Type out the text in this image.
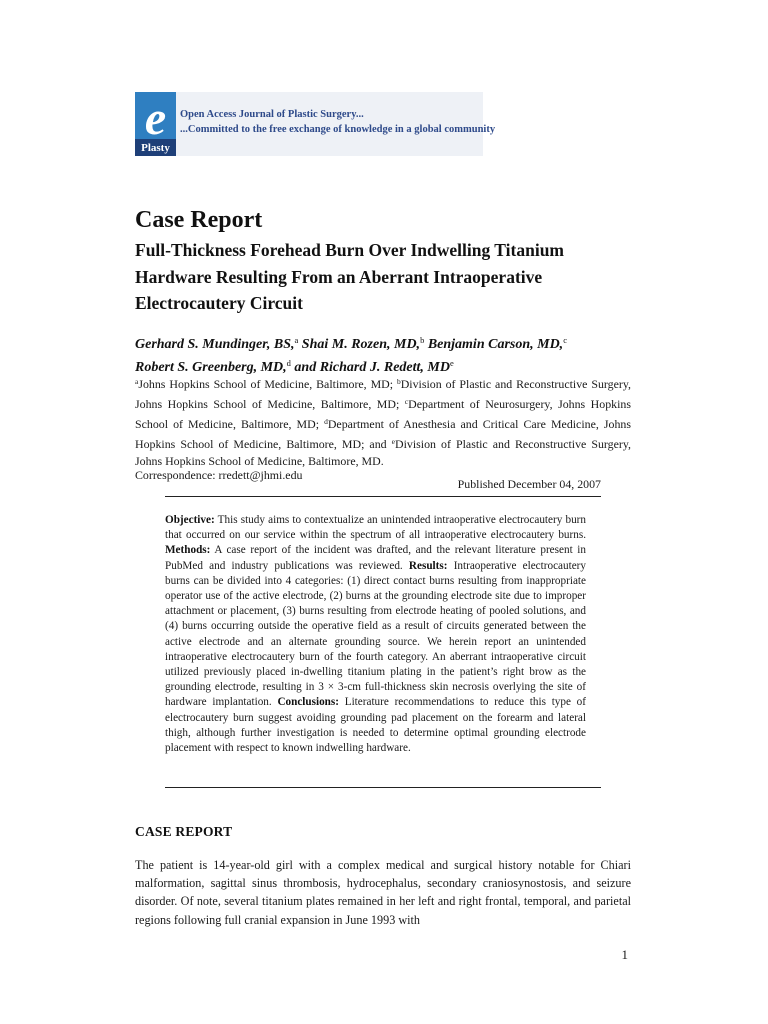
e
Plasty
Open Access Journal of Plastic Surgery...
...Committed to the free exchange of knowledge in a global community
Case Report
Full-Thickness Forehead Burn Over Indwelling Titanium Hardware Resulting From an Aberrant Intraoperative Electrocautery Circuit
Gerhard S. Mundinger, BS,$^a$ Shai M. Rozen, MD,$^b$ Benjamin Carson, MD,$^c$
Robert S. Greenberg, MD,$^d$ and Richard J. Redett, MDe
$^a$Johns Hopkins School of Medicine, Baltimore, MD; $^b$Division of Plastic and Reconstructive Surgery, Johns Hopkins School of Medicine, Baltimore, MD; $^c$Department of Neurosurgery, Johns Hopkins School of Medicine, Baltimore, MD; $^d$Department of Anesthesia and Critical Care Medicine, Johns Hopkins School of Medicine, Baltimore, MD; and $^e$Division of Plastic and Reconstructive Surgery, Johns Hopkins School of Medicine, Baltimore, MD.
Correspondence: rredett@jhmi.edu
Published December 04, 2007
Objective: This study aims to contextualize an unintended intraoperative electrocautery burn that occurred on our service within the spectrum of all intraoperative electrocautery burns. Methods: A case report of the incident was drafted, and the relevant literature present in PubMed and industry publications was reviewed. Results: Intraoperative electrocautery burns can be divided into 4 categories: (1) direct contact burns resulting from inappropriate operator use of the active electrode, (2) burns at the grounding electrode site due to improper attachment or placement, (3) burns resulting from electrode heating of pooled solutions, and (4) burns occurring outside the operative field as a result of circuits generated between the active electrode and an alternate grounding source. We herein report an unintended intraoperative electrocautery burn of the fourth category. An aberrant intraoperative circuit utilized previously placed in-dwelling titanium plating in the patient’s right brow as the grounding electrode, resulting in 3 × 3-cm full-thickness skin necrosis overlying the site of hardware implantation. Conclusions: Literature recommendations to reduce this type of electrocautery burn suggest avoiding grounding pad placement on the forearm and lateral thigh, although further investigation is needed to determine optimal grounding electrode placement with respect to known indwelling hardware.
CASE REPORT
The patient is 14-year-old girl with a complex medical and surgical history notable for Chiari malformation, sagittal sinus thrombosis, hydrocephalus, secondary craniosynostosis, and seizure disorder. Of note, several titanium plates remained in her left and right frontal, temporal, and parietal regions following full cranial expansion in June 1993 with
1
